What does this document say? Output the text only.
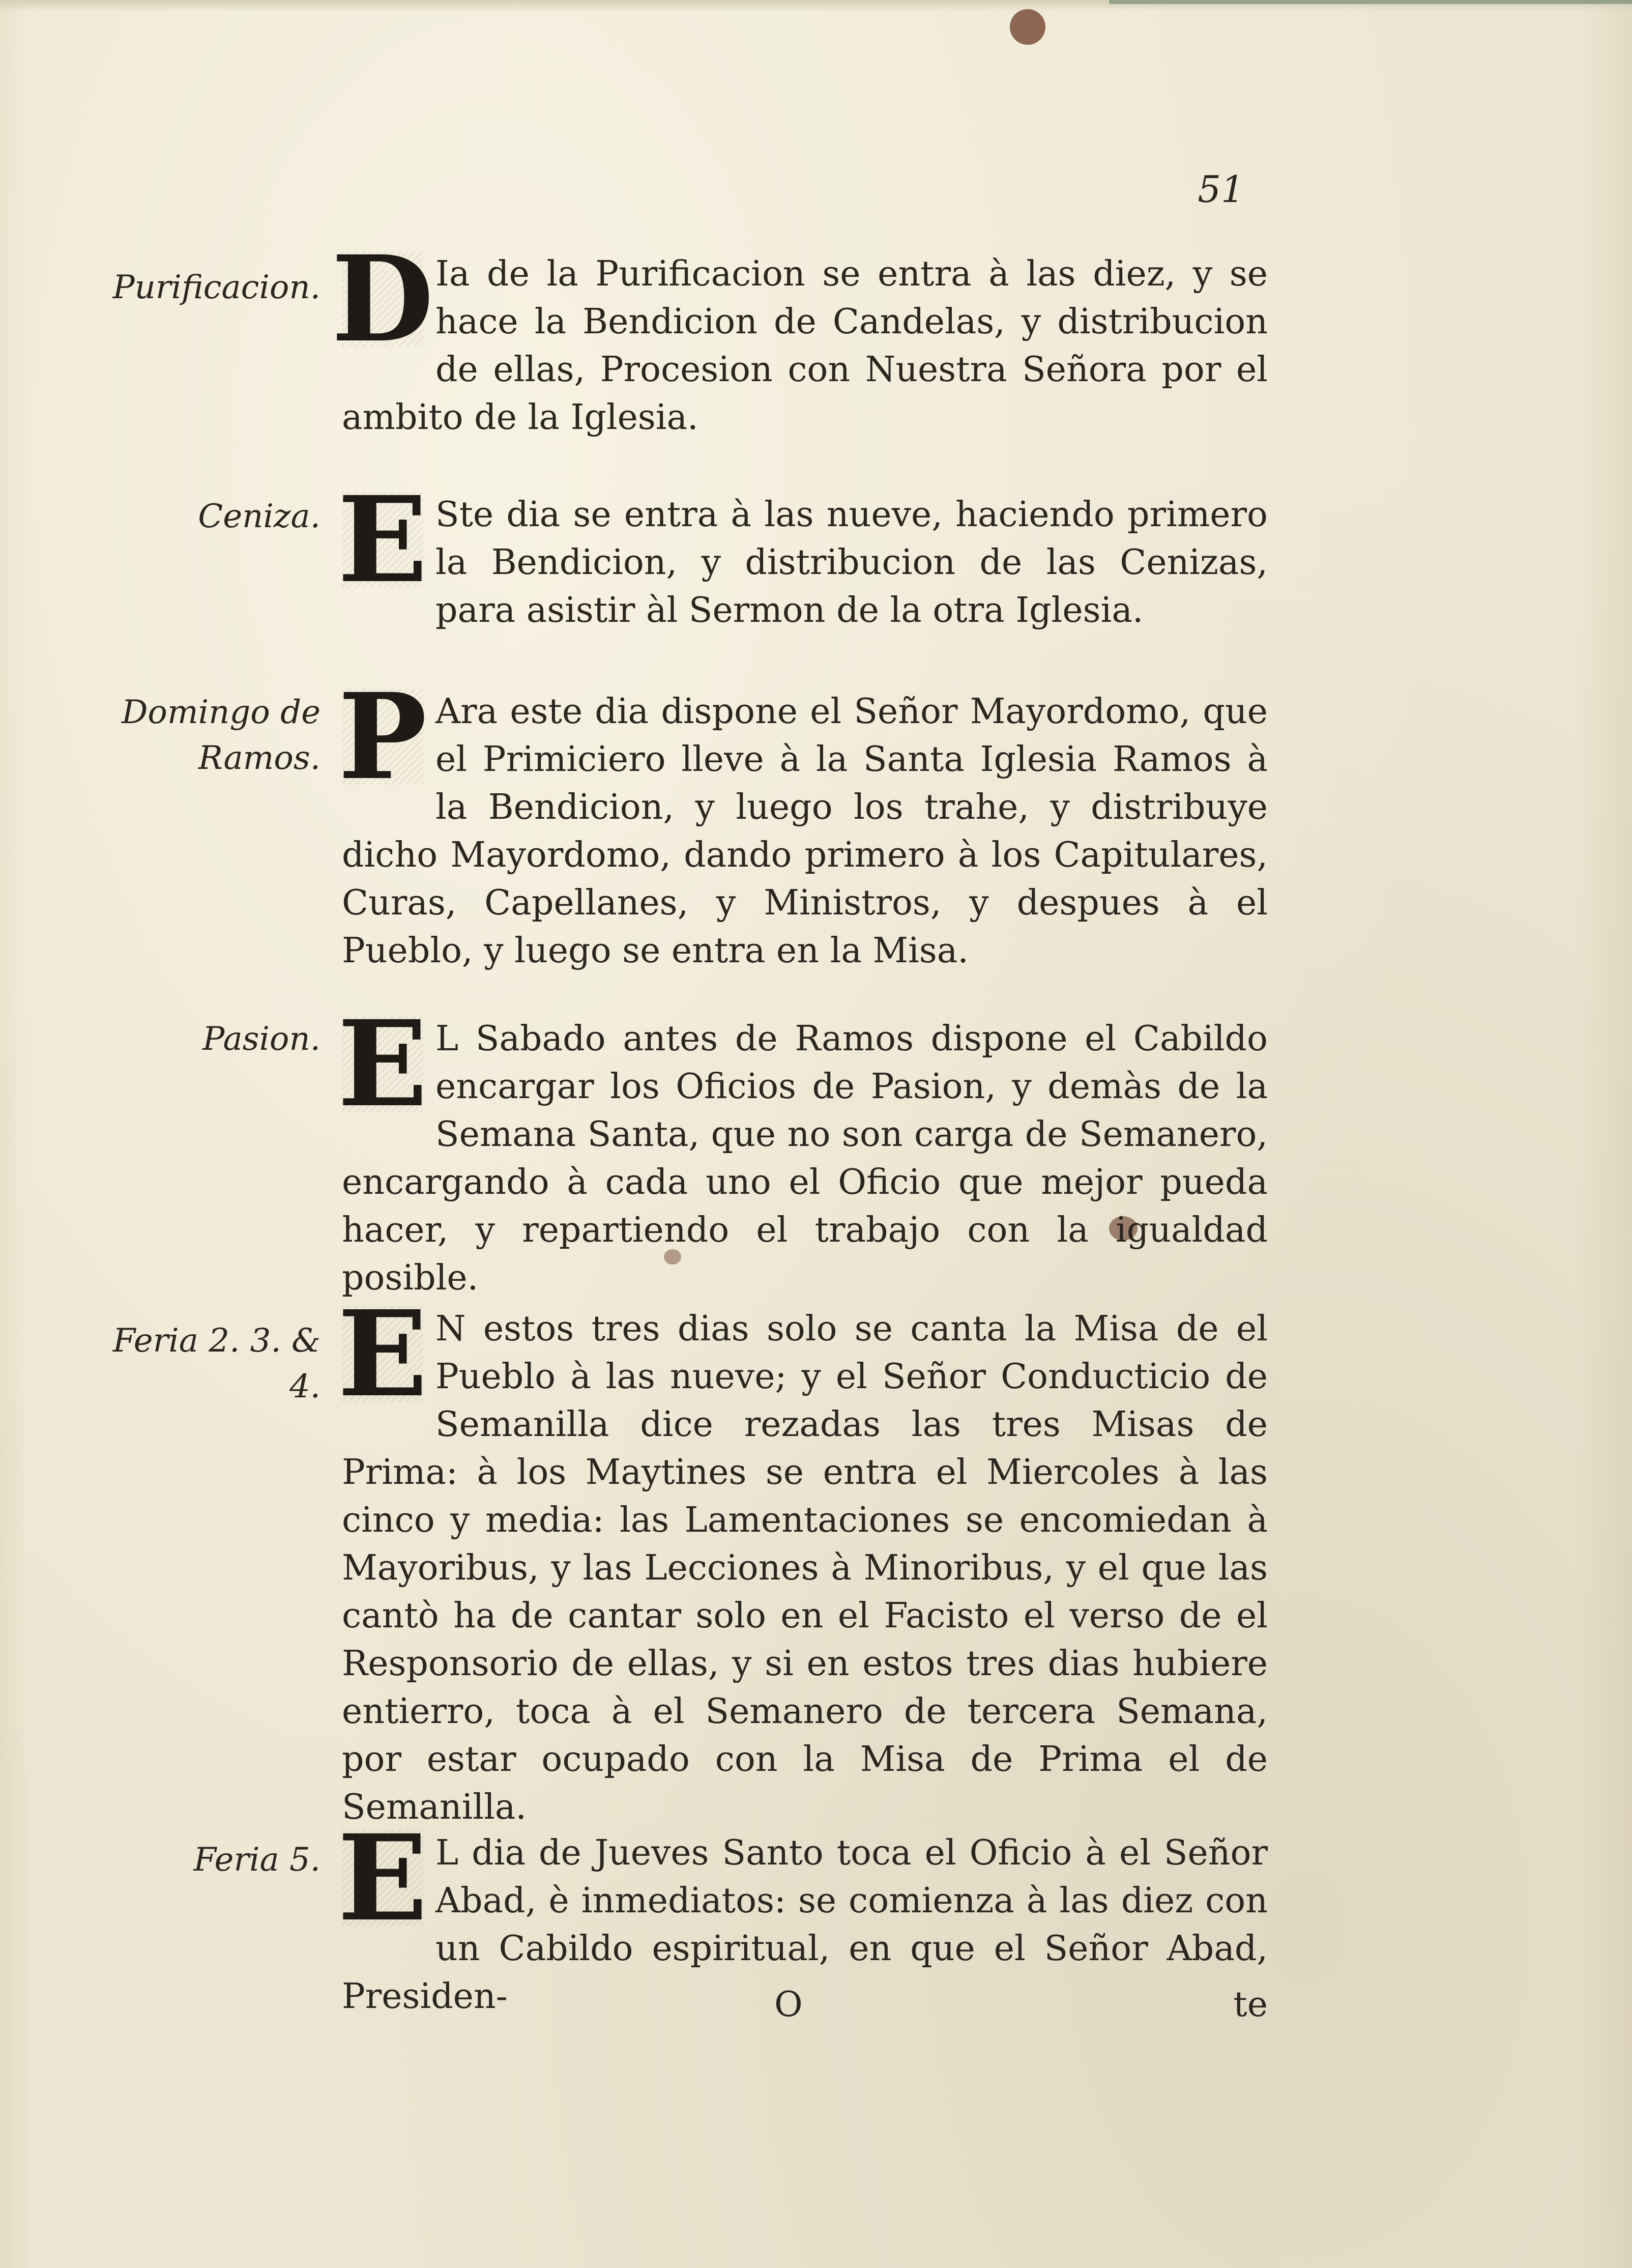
51
Purificacion. D Ia de la Purificacion se entra à las diez, y se hace la Bendicion de Candelas, y distribucion de ellas, Procesion con Nuestra Señora por el ambito de la Iglesia.
Ceniza. E Ste dia se entra à las nueve, haciendo primero la Bendicion, y distribucion de las Cenizas, para asistir àl Sermon de la otra Iglesia.
Domingo de Ramos. P Ara este dia dispone el Señor Mayordomo, que el Primiciero lleve à la Santa Iglesia Ramos à la Bendicion, y luego los trahe, y distribuye dicho Mayordomo, dando primero à los Capitulares, Curas, Capellanes, y Ministros, y despues à el Pueblo, y luego se entra en la Misa.
Pasion. E L Sabado antes de Ramos dispone el Cabildo encargar los Oficios de Pasion, y demàs de la Semana Santa, que no son carga de Semanero, encargando à cada uno el Oficio que mejor pueda hacer, y repartiendo el trabajo con la igualdad posible.
Feria 2. 3. & 4. E N estos tres dias solo se canta la Misa de el Pueblo à las nueve; y el Señor Conducticio de Semanilla dice rezadas las tres Misas de Prima: à los Maytines se entra el Miercoles à las cinco y media: las Lamentaciones se encomiedan à Mayoribus, y las Lecciones à Minoribus, y el que las cantò ha de cantar solo en el Facisto el verso de el Responsorio de ellas, y si en estos tres dias hubiere entierro, toca à el Semanero de tercera Semana, por estar ocupado con la Misa de Prima el de Semanilla.
Feria 5. E L dia de Jueves Santo toca el Oficio à el Señor Abad, è inmediatos: se comienza à las diez con un Cabildo espiritual, en que el Señor Abad, Presiden-	O	te
